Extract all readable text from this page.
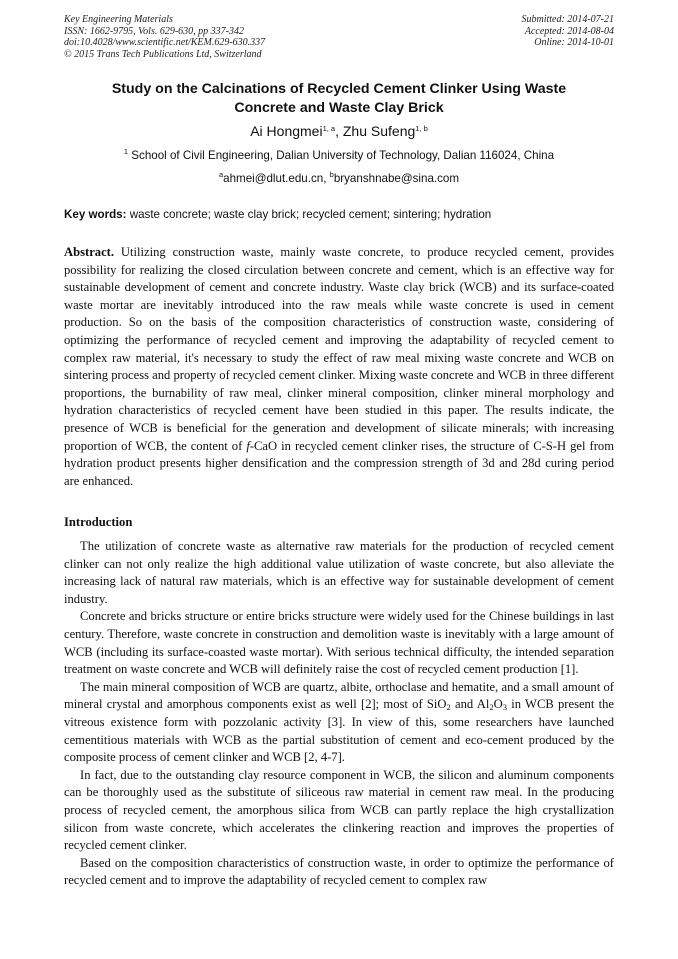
Key Engineering Materials
ISSN: 1662-9795, Vols. 629-630, pp 337-342
doi:10.4028/www.scientific.net/KEM.629-630.337
© 2015 Trans Tech Publications Ltd, Switzerland
Submitted: 2014-07-21
Accepted: 2014-08-04
Online: 2014-10-01
Study on the Calcinations of Recycled Cement Clinker Using Waste
Concrete and Waste Clay Brick
Ai Hongmei$^{1, a}$, Zhu Sufeng$^{1, b}$
$^1$ School of Civil Engineering, Dalian University of Technology, Dalian 116024, China
$^a$ahmei@dlut.edu.cn, $^b$bryanshnabe@sina.com
Key words: waste concrete; waste clay brick; recycled cement; sintering; hydration
Abstract. Utilizing construction waste, mainly waste concrete, to produce recycled cement, provides possibility for realizing the closed circulation between concrete and cement, which is an effective way for sustainable development of cement and concrete industry. Waste clay brick (WCB) and its surface-coated waste mortar are inevitably introduced into the raw meals while waste concrete is used in cement production. So on the basis of the composition characteristics of construction waste, considering of optimizing the performance of recycled cement and improving the adaptability of recycled cement to complex raw material, it's necessary to study the effect of raw meal mixing waste concrete and WCB on sintering process and property of recycled cement clinker. Mixing waste concrete and WCB in three different proportions, the burnability of raw meal, clinker mineral composition, clinker mineral morphology and hydration characteristics of recycled cement have been studied in this paper. The results indicate, the presence of WCB is beneficial for the generation and development of silicate minerals; with increasing proportion of WCB, the content of f-CaO in recycled cement clinker rises, the structure of C-S-H gel from hydration product presents higher densification and the compression strength of 3d and 28d curing period are enhanced.
Introduction

The utilization of concrete waste as alternative raw materials for the production of recycled cement clinker can not only realize the high additional value utilization of waste concrete, but also alleviate the increasing lack of natural raw materials, which is an effective way for sustainable development of cement industry.

Concrete and bricks structure or entire bricks structure were widely used for the Chinese buildings in last century. Therefore, waste concrete in construction and demolition waste is inevitably with a large amount of WCB (including its surface-coasted waste mortar). With serious technical difficulty, the intended separation treatment on waste concrete and WCB will definitely raise the cost of recycled cement production [1].

The main mineral composition of WCB are quartz, albite, orthoclase and hematite, and a small amount of mineral crystal and amorphous components exist as well [2]; most of SiO$_2$ and $Al_2O_3$ in WCB present the vitreous existence form with pozzolanic activity [3]. In view of this, some researchers have launched cementitious materials with WCB as the partial substitution of cement and eco-cement produced by the composite process of cement clinker and WCB [2, 4-7].

In fact, due to the outstanding clay resource component in WCB, the silicon and aluminum components can be thoroughly used as the substitute of siliceous raw material in cement raw meal. In the producing process of recycled cement, the amorphous silica from WCB can partly replace the high crystallization silicon from waste concrete, which accelerates the clinkering reaction and improves the properties of recycled cement clinker.

Based on the composition characteristics of construction waste, in order to optimize the performance of recycled cement and to improve the adaptability of recycled cement to complex raw
